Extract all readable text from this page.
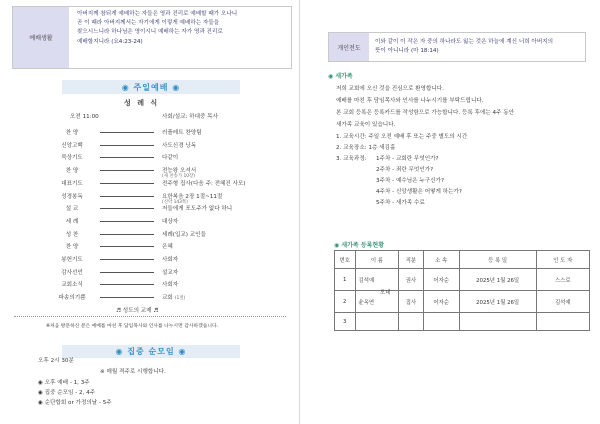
예배생활
아버지께 참되게 예배하는 자들은 영과 진리로 예배할 때가 오나니
곧 이 때라 아버지께서는 자기에게 이렇게 예배하는 자들을
찾으시느니라 하나님은 영이시니 예배하는 자가 영과 진리로
예배할지니라 (요4:23-24)
◉ 주일예배 ◉
성 례 식
오전 11:00	사회/설교: 하대중 목사
찬 양	러플레트 찬양팀
신앙고백	사도신경 낭독
묵상기도	다같이
찬 양	전능왕 오셔서
(새 찬송가 10장)
대표기도	전주형 집사(다음 주: 전혜진 사모)
성경봉독	요한복음 2장 1절~11절
(신약 143쪽)
설 교	저들에게 포도주가 없다 하니
세 례	대상자
성 찬	세례(입교) 교인들
찬 양	은혜
봉헌기도	사회자
감사선언	설교자
교회소식	사회자
파송의기쁨	교회 (1절)
♬ 성도의 교제 ♬
※처음 방문하신 분은 예배를 마친 후 담임목사와 인사를 나누시면 감사하겠습니다.
◉ 집중 순모임 ◉
오후 2시 30분
※ 매월 격주로 시행합니다.
◉ 오후 예배 - 1, 3주
◉ 집중 순모임 - 2, 4주
◉ 순단합회 or 가정의날 - 5주
개인전도
이와 같이 이 작은 자 중의 하나라도 잃는 것은 하늘에 계신 너희 아버지의
뜻이 아니니라 (마 18:14)
◉ 새가족
저희 교회에 오신 것을 진심으로 환영합니다.
예배를 마친 후 담임목사와 인사를 나누시기를 부탁드립니다.
본 교회 등록은 등록카드를 작성함으로 가능합니다. 등록 후에는 4주 동안
새가족 교육이 있습니다.
1. 교육시간: 주일 오전 예배 후 또는 주중 별도의 시간
2. 교육장소: 1층 새김홀
3. 교육과정: 1주차 - 교회란 무엇인가?
2주차 - 죄란 무엇인가?
3주차 - 예수님은 누구신가?
4주차 - 신앙생활은 어떻게 하는가?
5주차 - 새가족 수료
◉ 새가족 등록현황
번호	이 름	직분	소 속	등 록 일	인 도 자
1	김석예	권사	어자순	2025년 1월 26일	스스로
2	윤옥연	집사	어자순	2025년 1월 26일	김석예
3					
모네
